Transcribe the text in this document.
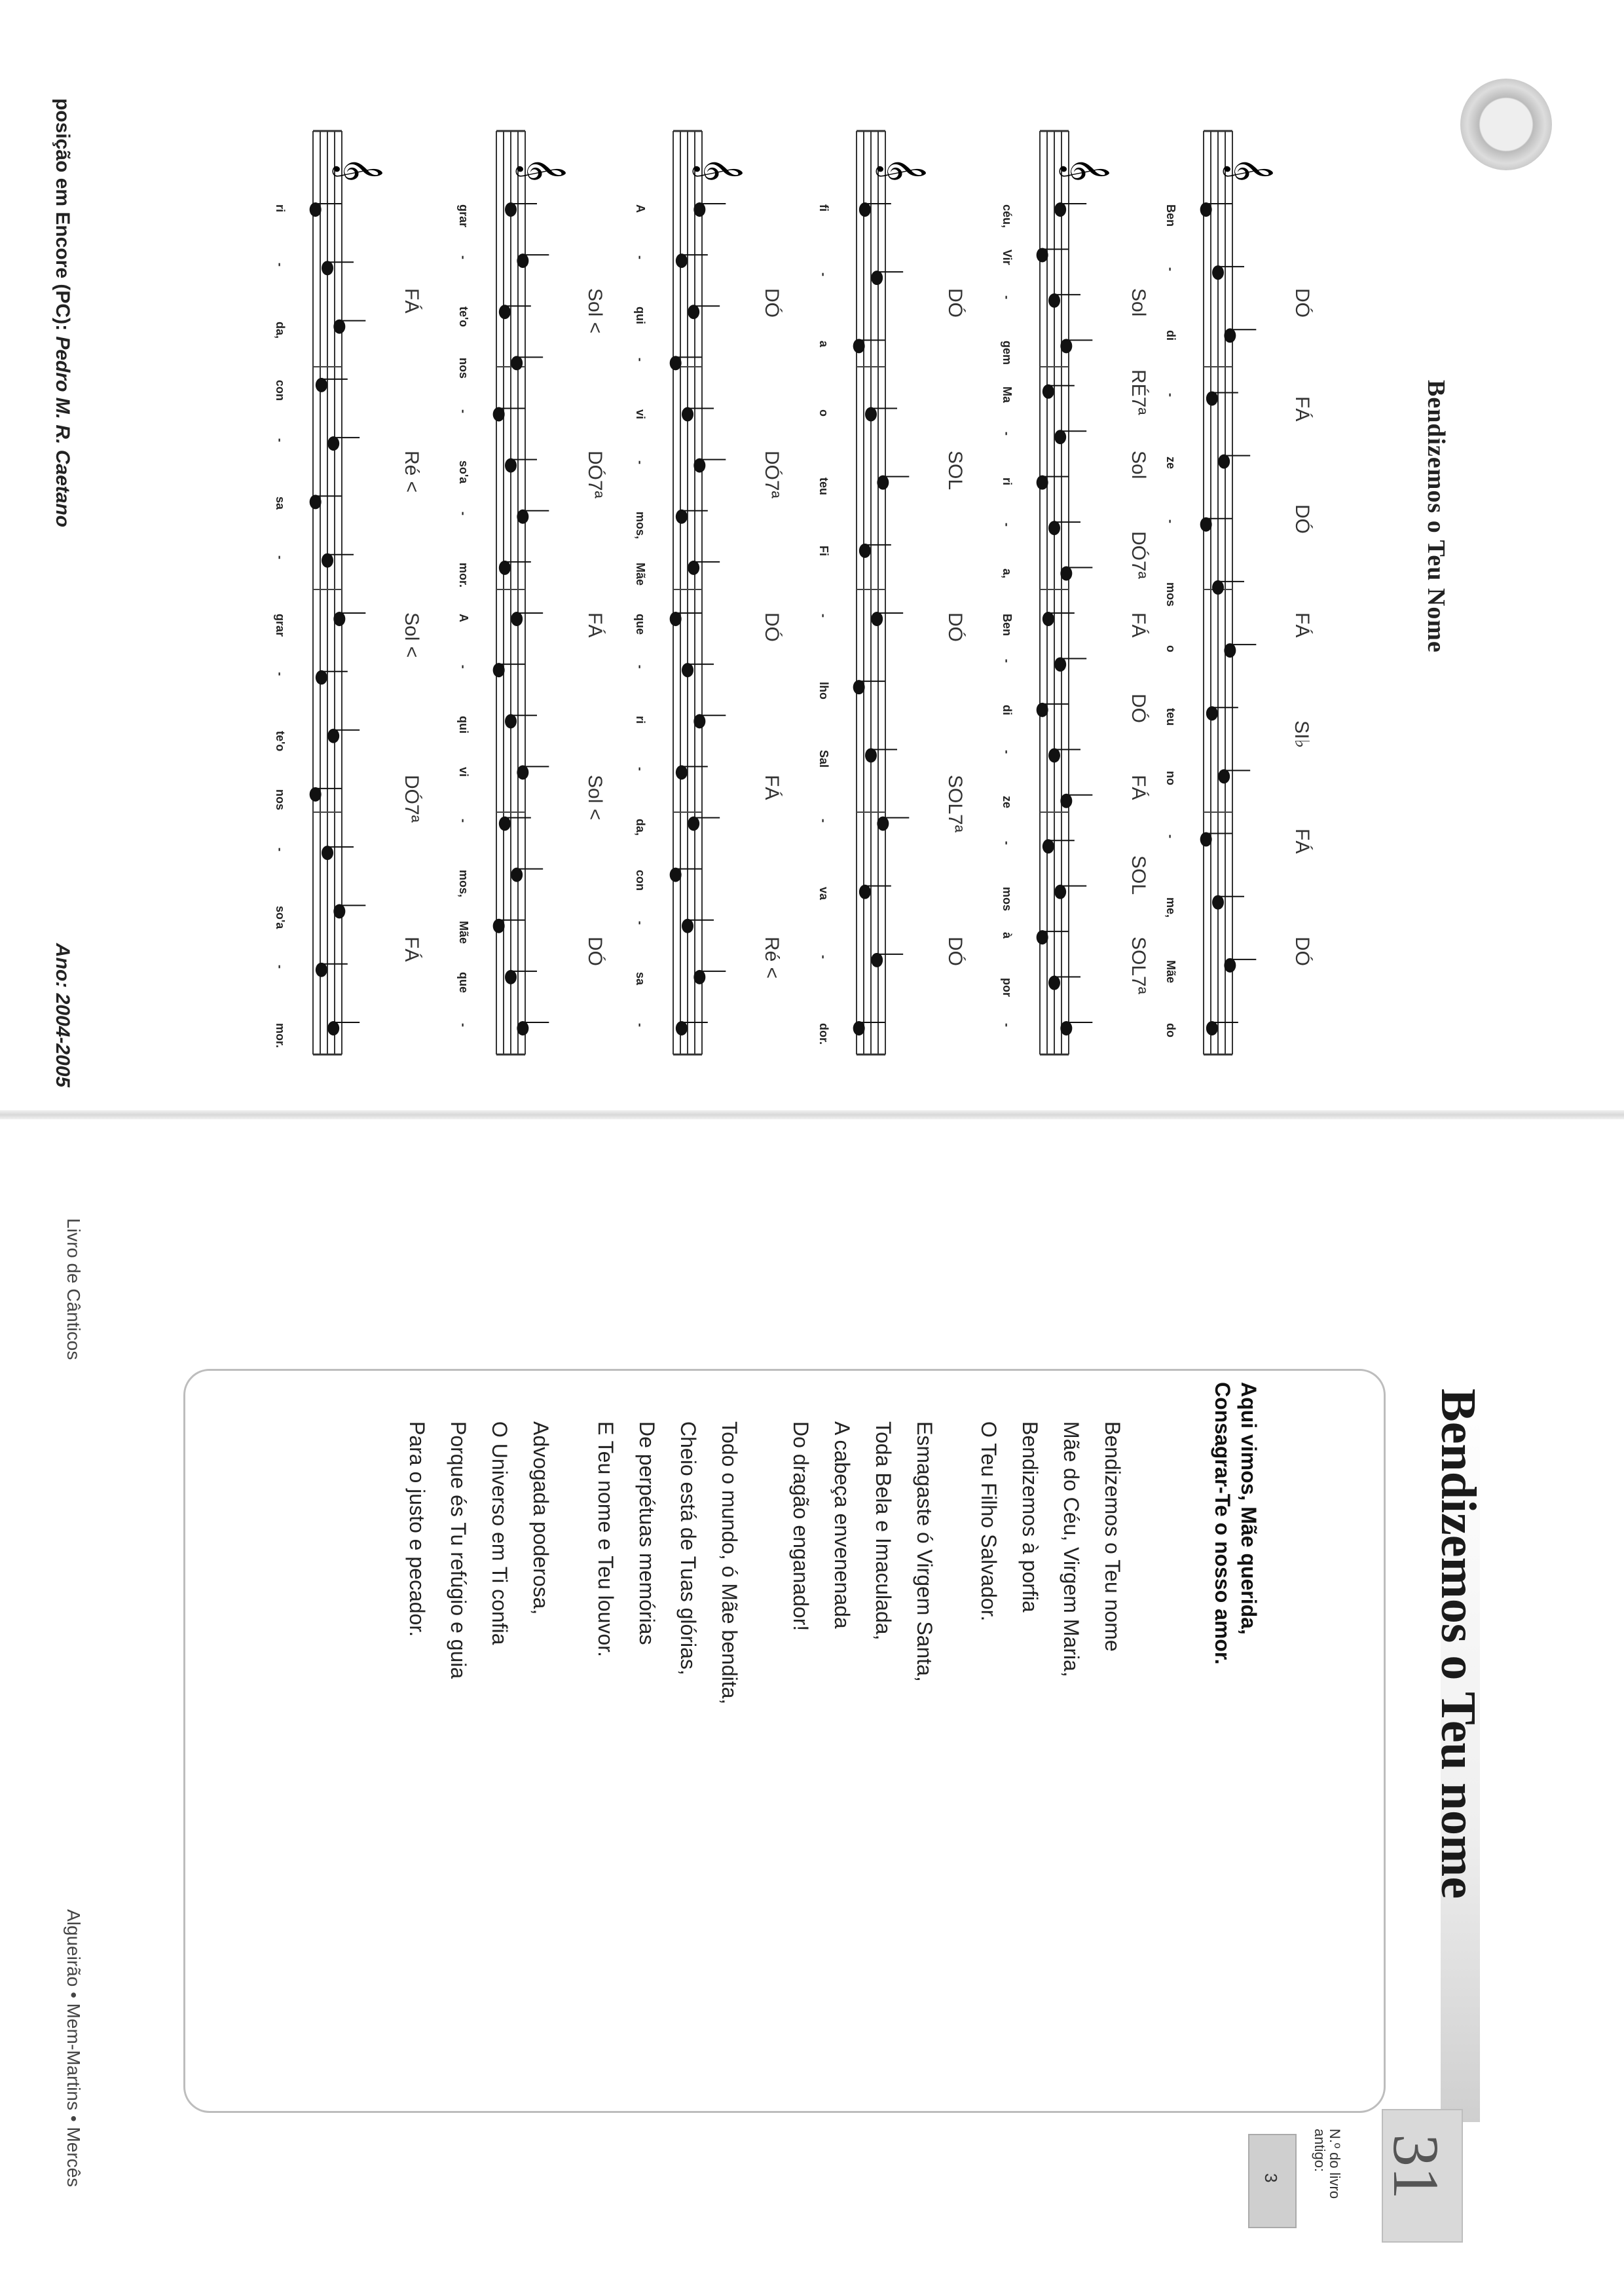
𝄞
𝄞
𝄞
𝄞
𝄞
𝄞
Bendizemos o Teu Nome
posição em Encore (PC): Pedro M. R. Caetano
Ano: 2004-2005
DÓ
FÁ
DÓ
FÁ
SI♭
FÁ
DÓ
Ben
-
di
-
ze
-
mos
o
teu
no
-
me,
Mãe
do
Sol
RÉ7ª
Sol
DÓ7ª
FÁ
DÓ
FÁ
SOL
SOL7ª
céu,
Vir
-
gem
Ma
-
ri
-
a,
Ben
-
di
-
ze
-
mos
à
por
-
DÓ
SOL
DÓ
SOL7ª
DÓ
fi
-
a
o
teu
Fi
-
lho
Sal
-
va
-
dor.
DÓ
DÓ7ª
DÓ
FÁ
Ré <
A
-
qui
-
vi
-
mos,
Mãe
que
-
ri
-
da,
con
-
sa
-
Sol <
DÓ7ª
FÁ
Sol <
DÓ
grar
-
te'o
nos
-
so'a
-
mor.
A
-
qui
vi
-
mos,
Mãe
que
-
FÁ
Ré <
Sol <
DÓ7ª
FÁ
ri
-
da,
con
-
sa
-
grar
-
te'o
nos
-
so'a
-
mor.
Livro de Cânticos
Algueirão • Mem-Martins • Mercês
Bendizemos o Teu nome
31
N.º do livro antigo:
3
Aqui vimos, Mãe querida,
Consagrar-Te o nosso amor.
Bendizemos o Teu nome
Mãe do Céu, Virgem Maria,
Bendizemos à porfia
O Teu Filho Salvador.
Esmagaste ó Virgem Santa,
Toda Bela e Imaculada,
A cabeça envenenada
Do dragão enganador!
Todo o mundo, ó Mãe bendita,
Cheio está de Tuas glórias,
De perpétuas memórias
E Teu nome e Teu louvor.
Advogada poderosa,
O Universo em Ti confia
Porque és Tu refúgio e guia
Para o justo e pecador.
